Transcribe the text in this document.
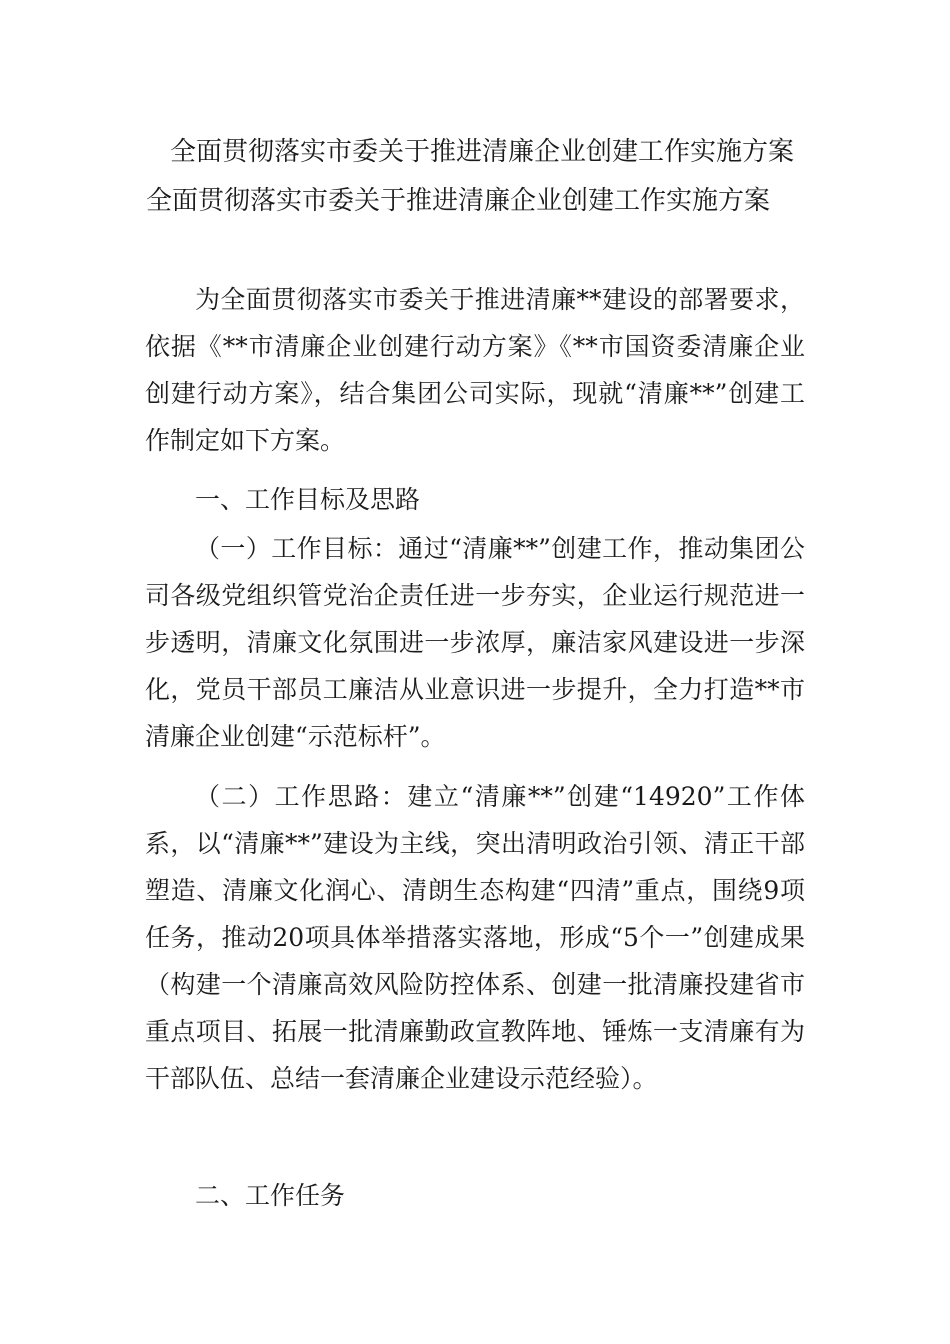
全面贯彻落实市委关于推进清廉企业创建工作实施方案
全面贯彻落实市委关于推进清廉企业创建工作实施方案

为全面贯彻落实市委关于推进清廉**建设的部署要求，依据《**市清廉企业创建行动方案》《**市国资委清廉企业创建行动方案》，结合集团公司实际，现就“清廉**”创建工作制定如下方案。

一、工作目标及思路

（一）工作目标：通过“清廉**”创建工作，推动集团公司各级党组织管党治企责任进一步夯实，企业运行规范进一步透明，清廉文化氛围进一步浓厚，廉洁家风建设进一步深化，党员干部员工廉洁从业意识进一步提升，全力打造**市清廉企业创建“示范标杆”。

（二）工作思路：建立“清廉**”创建“14920”工作体系，以“清廉**”建设为主线，突出清明政治引领、清正干部塑造、清廉文化润心、清朗生态构建“四清”重点，围绕9项任务，推动20项具体举措落实落地，形成“5个一”创建成果（构建一个清廉高效风险防控体系、创建一批清廉投建省市重点项目、拓展一批清廉勤政宣教阵地、锤炼一支清廉有为干部队伍、总结一套清廉企业建设示范经验）。

二、工作任务
